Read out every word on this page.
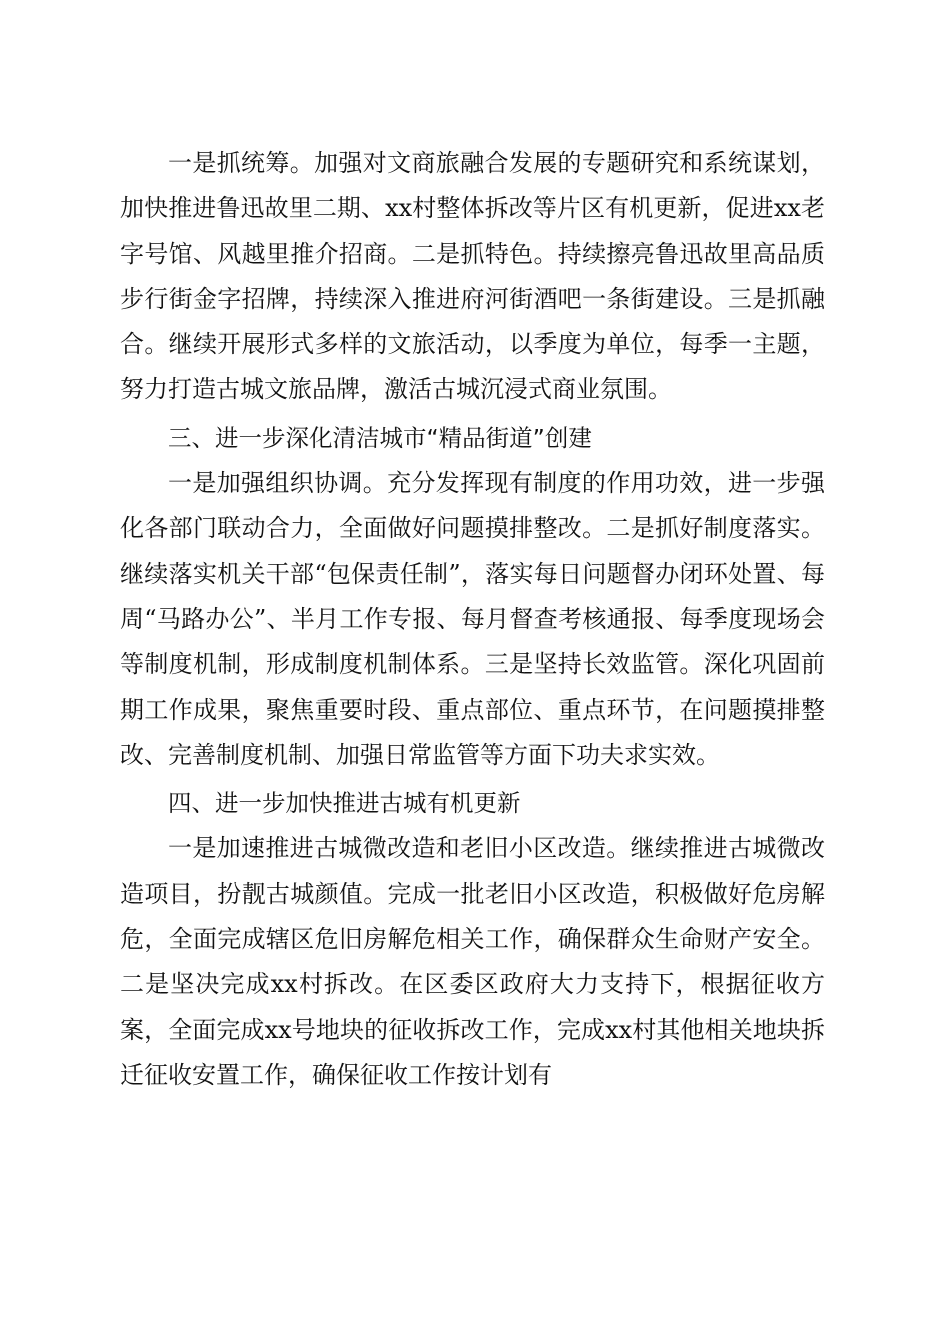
一是抓统筹。加强对文商旅融合发展的专题研究和系统谋划，加快推进鲁迅故里二期、xx村整体拆改等片区有机更新，促进xx老字号馆、风越里推介招商。二是抓特色。持续擦亮鲁迅故里高品质步行街金字招牌，持续深入推进府河街酒吧一条街建设。三是抓融合。继续开展形式多样的文旅活动，以季度为单位，每季一主题，努力打造古城文旅品牌，激活古城沉浸式商业氛围。

三、进一步深化清洁城市“精品街道”创建

一是加强组织协调。充分发挥现有制度的作用功效，进一步强化各部门联动合力，全面做好问题摸排整改。二是抓好制度落实。继续落实机关干部“包保责任制”，落实每日问题督办闭环处置、每周“马路办公”、半月工作专报、每月督查考核通报、每季度现场会等制度机制，形成制度机制体系。三是坚持长效监管。深化巩固前期工作成果，聚焦重要时段、重点部位、重点环节，在问题摸排整改、完善制度机制、加强日常监管等方面下功夫求实效。

四、进一步加快推进古城有机更新

一是加速推进古城微改造和老旧小区改造。继续推进古城微改造项目，扮靓古城颜值。完成一批老旧小区改造，积极做好危房解危，全面完成辖区危旧房解危相关工作，确保群众生命财产安全。二是坚决完成xx村拆改。在区委区政府大力支持下，根据征收方案，全面完成xx号地块的征收拆改工作，完成xx村其他相关地块拆迁征收安置工作，确保征收工作按计划有
